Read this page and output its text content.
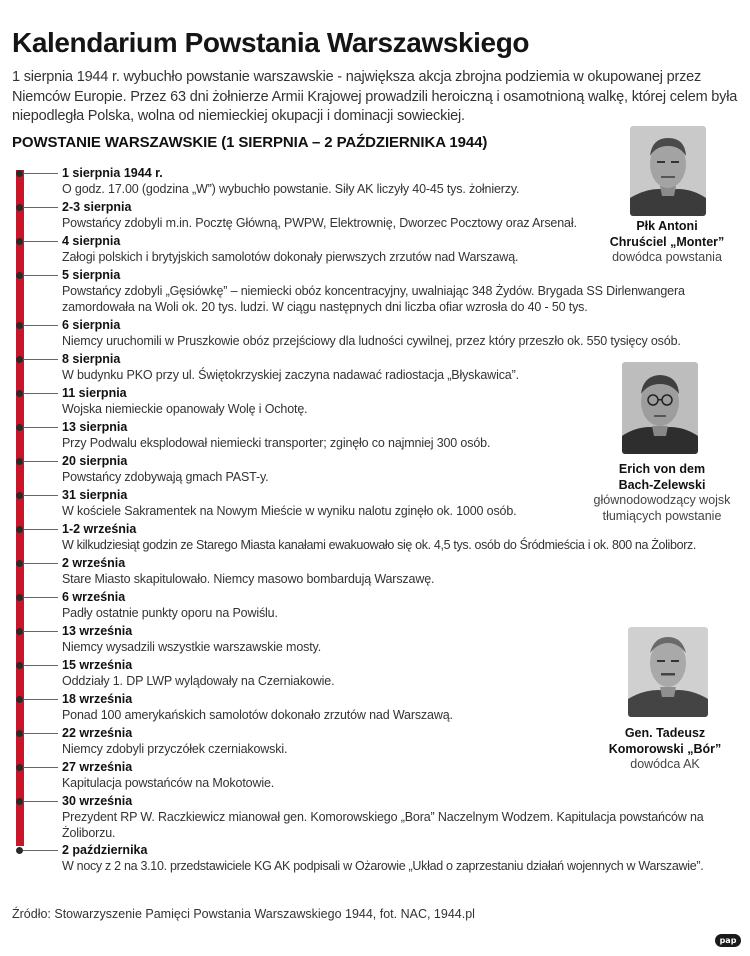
Kalendarium Powstania Warszawskiego
1 sierpnia 1944 r. wybuchło powstanie warszawskie - największa akcja zbrojna podziemia w okupowanej przez Niemców Europie. Przez 63 dni żołnierze Armii Krajowej prowadzili heroiczną i osamotnioną walkę, której celem była niepodległa Polska, wolna od niemieckiej okupacji i dominacji sowieckiej.
POWSTANIE WARSZAWSKIE (1 SIERPNIA – 2 PAŹDZIERNIKA 1944)
1 sierpnia 1944 r.
O godz. 17.00 (godzina „W”) wybuchło powstanie. Siły AK liczyły 40-45 tys. żołnierzy.
2-3 sierpnia
Powstańcy zdobyli m.in. Pocztę Główną, PWPW, Elektrownię, Dworzec Pocztowy oraz Arsenał.
4 sierpnia
Załogi polskich i brytyjskich samolotów dokonały pierwszych zrzutów nad Warszawą.
5 sierpnia
Powstańcy zdobyli „Gęsiówkę” – niemiecki obóz koncentracyjny, uwalniając 348 Żydów. Brygada SS Dirlenwangera zamordowała na Woli ok. 20 tys. ludzi. W ciągu następnych dni liczba ofiar wzrosła do 40 - 50 tys.
6 sierpnia
Niemcy uruchomili w Pruszkowie obóz przejściowy dla ludności cywilnej, przez który przeszło ok. 550 tysięcy osób.
8 sierpnia
W budynku PKO przy ul. Świętokrzyskiej zaczyna nadawać radiostacja „Błyskawica”.
11 sierpnia
Wojska niemieckie opanowały Wolę i Ochotę.
13 sierpnia
Przy Podwalu eksplodował niemiecki transporter; zginęło co najmniej 300 osób.
20 sierpnia
Powstańcy zdobywają gmach PAST-y.
31 sierpnia
W kościele Sakramentek na Nowym Mieście w wyniku nalotu zginęło ok. 1000 osób.
1-2 września
W kilkudziesiąt godzin ze Starego Miasta kanałami ewakuowało się ok. 4,5 tys. osób do Śródmieścia i ok. 800 na Żoliborz.
2 września
Stare Miasto skapitulowało. Niemcy masowo bombardują Warszawę.
6 września
Padły ostatnie punkty oporu na Powiślu.
13 września
Niemcy wysadzili wszystkie warszawskie mosty.
15 września
Oddziały 1. DP LWP wylądowały na Czerniakowie.
18 września
Ponad 100 amerykańskich samolotów dokonało zrzutów nad Warszawą.
22 września
Niemcy zdobyli przyczółek czerniakowski.
27 września
Kapitulacja powstańców na Mokotowie.
30 września
Prezydent RP W. Raczkiewicz mianował gen. Komorowskiego „Bora” Naczelnym Wodzem. Kapitulacja powstańców na Żoliborzu.
2 października
W nocy z 2 na 3.10. przedstawiciele KG AK podpisali w Ożarowie „Układ o zaprzestaniu działań wojennych w Warszawie”.
Płk Antoni
Chruściel „Monter”
dowódca powstania
Erich von dem
Bach-Zelewski
głównodowodzący wojsk
tłumiących powstanie
Gen. Tadeusz
Komorowski „Bór”
dowódca AK
Źródło: Stowarzyszenie Pamięci Powstania Warszawskiego 1944, fot. NAC, 1944.pl
pap
